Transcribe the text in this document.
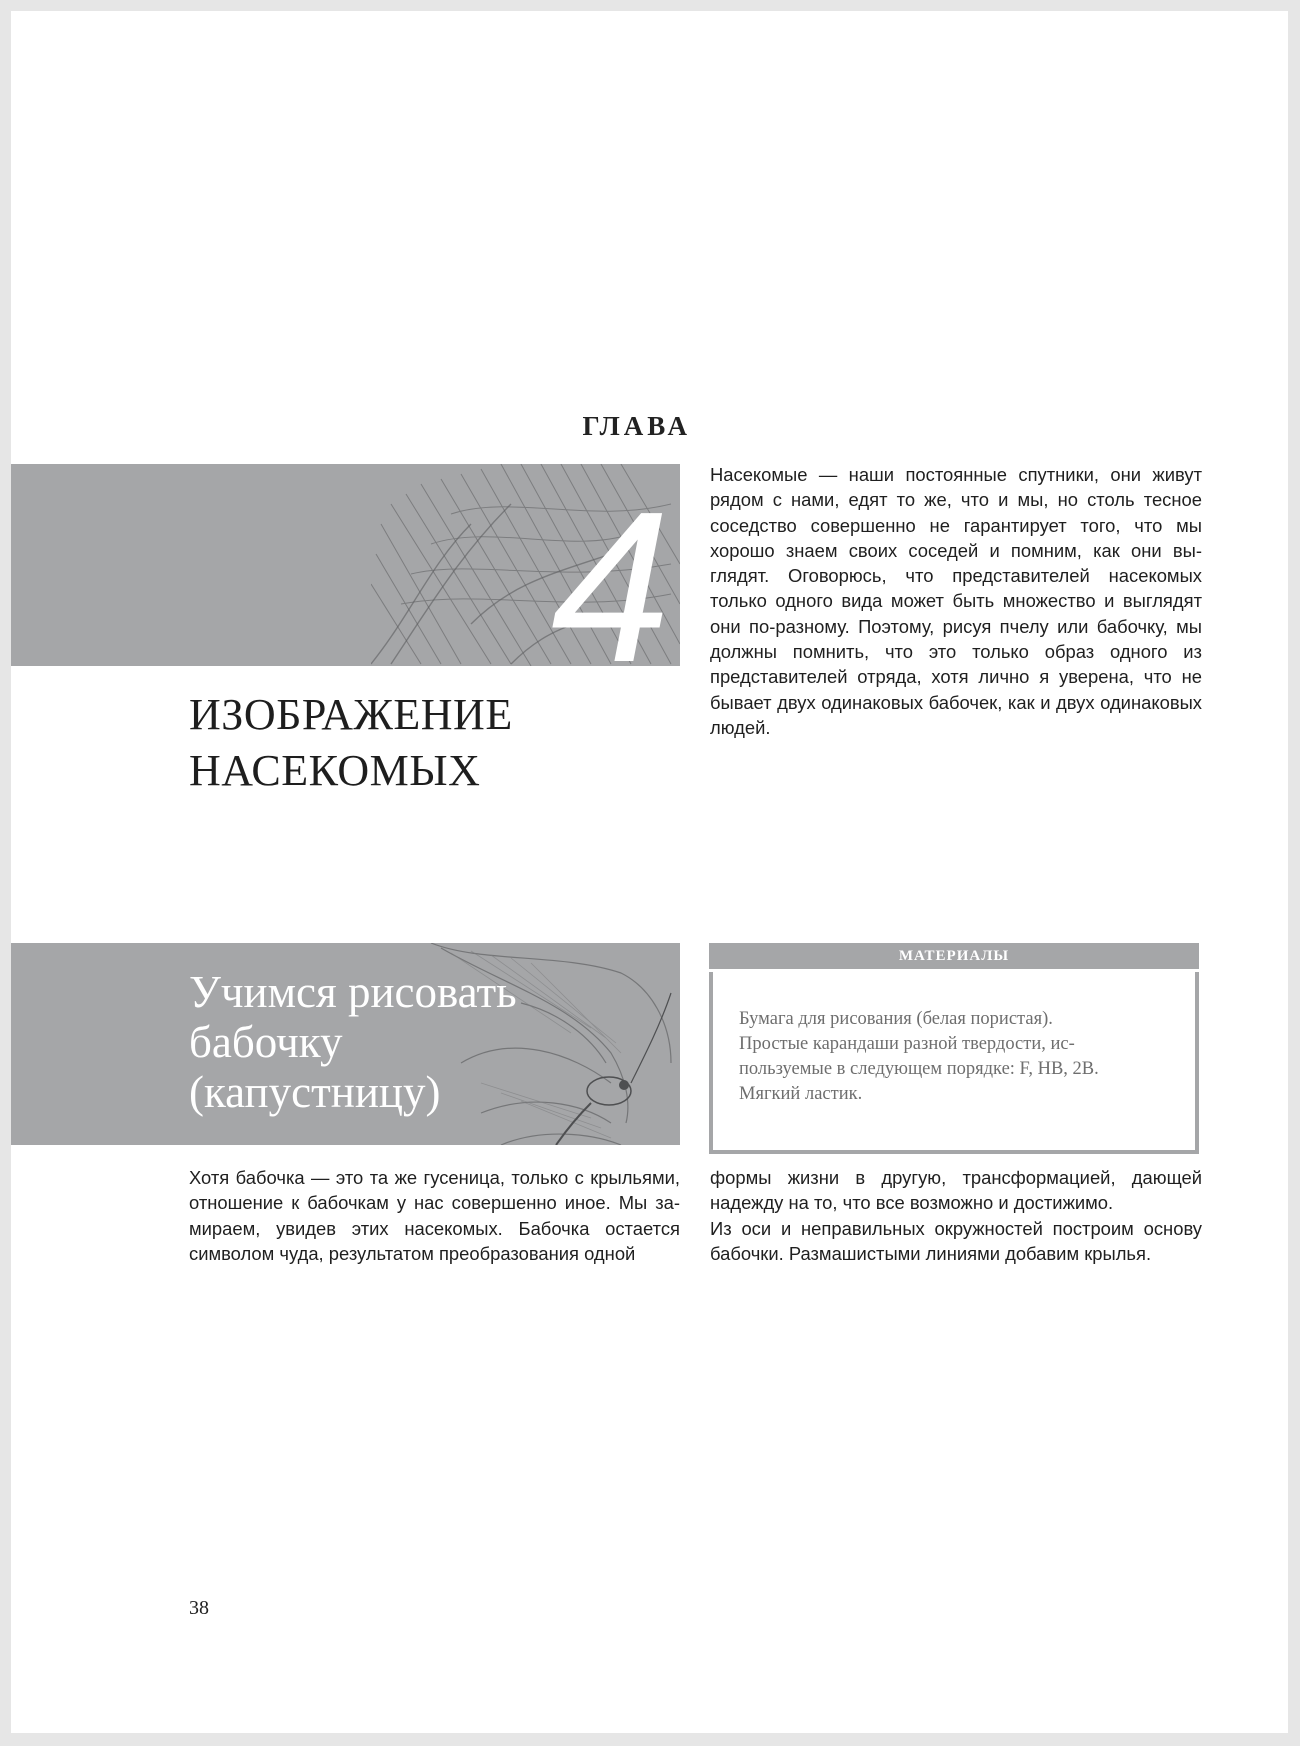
ГЛАВА
4
ИЗОБРАЖЕНИЕ
НАСЕКОМЫХ
Насекомые — наши постоянные спутники, они живут рядом с нами, едят то же, что и мы, но столь тесное соседство совершенно не гарантирует того, что мы хорошо знаем своих соседей и помним, как они выглядят. Оговорюсь, что представителей насекомых только одного вида может быть множество и выглядят они по-разному. Поэтому, рисуя пчелу или бабочку, мы должны помнить, что это только образ одного из представителей отряда, хотя лично я уверена, что не бывает двух одинаковых бабочек, как и двух одинаковых людей.
Учимся рисовать
бабочку
(капустницу)
МАТЕРИАЛЫ
Бумага для рисования (белая пористая).
Простые карандаши разной твердости, ис-
пользуемые в следующем порядке: F, HB, 2B.
Мягкий ластик.
Хотя бабочка — это та же гусеница, только с крыльями, отношение к бабочкам у нас совершенно иное. Мы замираем, увидев этих насекомых. Бабочка остается символом чуда, результатом преобразования одной
формы жизни в другую, трансформацией, дающей надежду на то, что все возможно и достижимо.
Из оси и неправильных окружностей построим основу бабочки. Размашистыми линиями добавим крылья.
38
